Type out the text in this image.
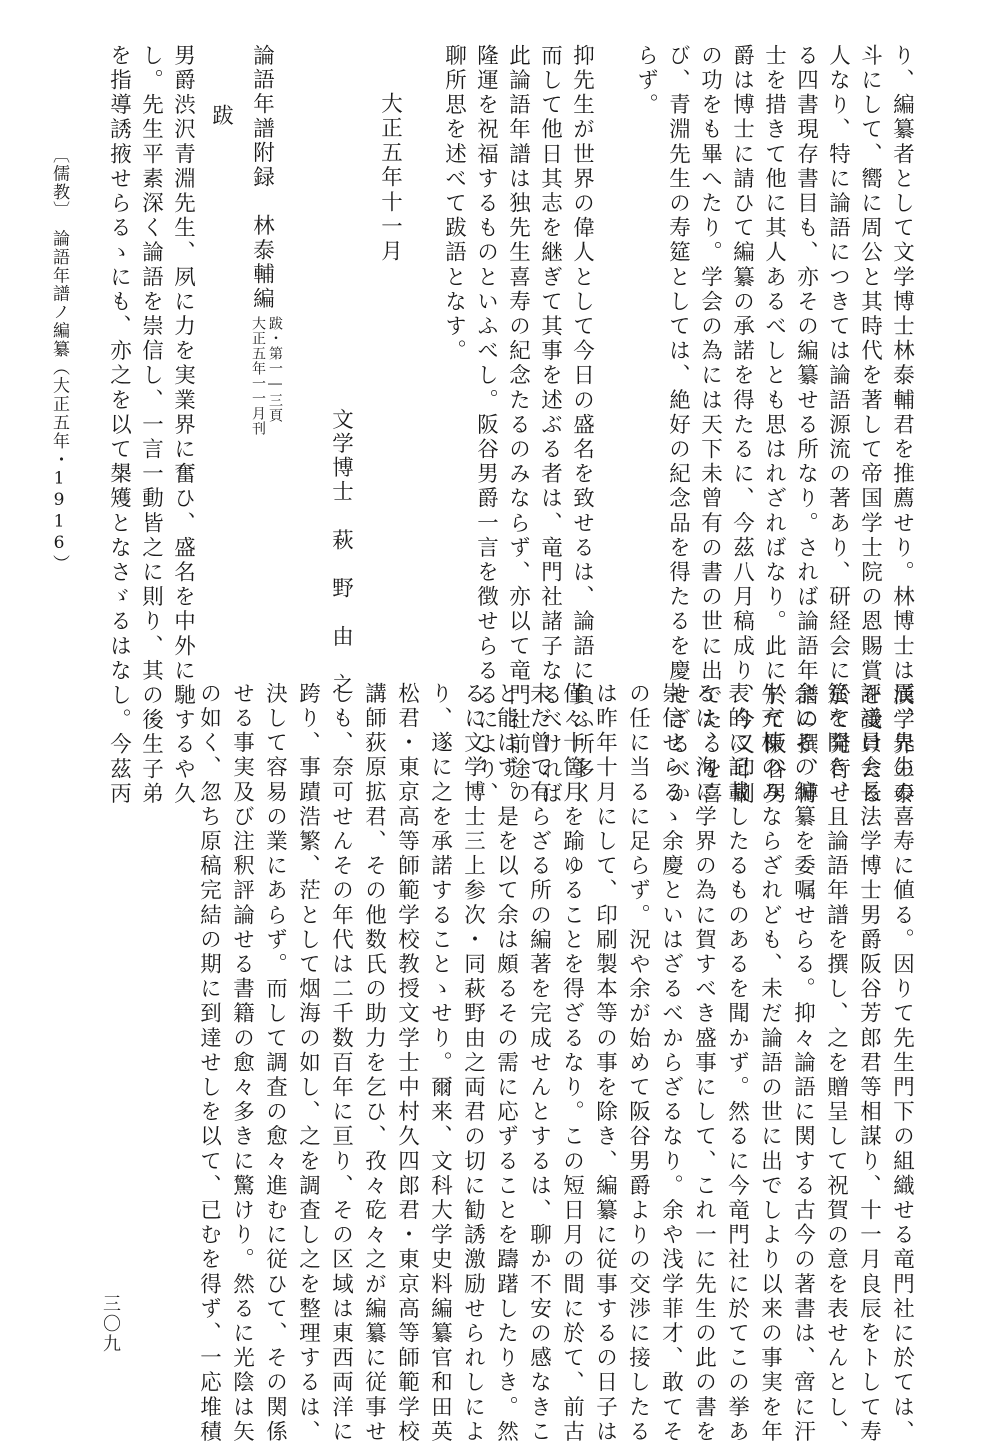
り、編纂者として文学博士林泰輔君を推薦せり。林博士は漢学界の泰
斗にして、嚮に周公と其時代を著して帝国学士院の恩賜賞を受けたる
人なり、特に論語につきては論語源流の著あり、研経会に於て発行せ
る四書現存書目も、亦その編纂せる所なり。されば論語年譜の撰、博
士を措きて他に其人あるべしとも思はれざればなり。此に於て阪谷男
爵は博士に請ひて編纂の承諾を得たるに、今茲八月稿成り、今又印刷
の功をも畢へたり。学会の為には天下未曾有の書の世に出でたるを喜
び、青淵先生の寿筵としては、絶好の紀念品を得たるを慶せざるべか
らず。
抑先生が世界の偉人として今日の盛名を致せるは、論語に負ふ所多く
而して他日其志を継ぎて其事を述ぶる者は、竜門社諸子なるべければ
此論語年譜は独先生喜寿の紀念たるのみならず、亦以て竜門社前途の
隆運を祝福するものといふべし。阪谷男爵一言を徴せらるるにより、
聊所思を述べて跋語となす。
大正五年十一月
文学博士　萩　野　由　之
論語年譜附録　林泰輔編
跋・第一―三頁
大正五年一一月刊
跋
男爵渋沢青淵先生、夙に力を実業界に奮ひ、盛名を中外に馳するや久
し。先生平素深く論語を崇信し、一言一動皆之に則り、其の後生子弟
を指導誘掖せらるゝにも、亦之を以て槼矱となさゞるはなし。今茲丙
〔儒教〕　論語年譜ノ編纂（大正五年・1916）
辰、先生の喜寿に値る。因りて先生門下の組織せる竜門社に於ては、
評議員会長法学博士男爵阪谷芳郎君等相謀り、十一月良辰をトして寿
筵を開き、且論語年譜を撰し、之を贈呈して祝賀の意を表せんとし、
余にその編纂を委嘱せらる。抑々論語に関する古今の著書は、啻に汗
牛充棟のみならざれども、未だ論語の世に出でしより以来の事実を年
表的に記載したるものあるを聞かず。然るに今竜門社に於てこの挙あ
るは、洵に学界の為に賀すべき盛事にして、これ一に先生の此の書を
崇信せらるゝ余慶といはざるべからざるなり。余や浅学菲才、敢てそ
の任に当るに足らず。況や余が始めて阪谷男爵よりの交渉に接したる
は昨年十月にして、印刷製本等の事を除き、編纂に従事するの日子は
僅々十箇月を踰ゆることを得ざるなり。この短日月の間に於て、前古
未だ曾て有らざる所の編著を完成せんとするは、聊か不安の感なきこ
と能はず。是を以て余は頗るその需に応ずることを躊躇したりき。然
るに文学博士三上参次・同萩野由之両君の切に勧誘激励せられしによ
り、遂に之を承諾することゝせり。爾来、文科大学史料編纂官和田英
松君・東京高等師範学校教授文学士中村久四郎君・東京高等師範学校
講師荻原拡君、その他数氏の助力を乞ひ、孜々矻々之が編纂に従事せ
しも、奈可せんその年代は二千数百年に亘り、その区域は東西両洋に
跨り、事蹟浩繁、茫として烟海の如し、之を調査し之を整理するは、
決して容易の業にあらず。而して調査の愈々進むに従ひて、その関係
せる事実及び注釈評論せる書籍の愈々多きに驚けり。然るに光陰は矢
の如く、忽ち原稿完結の期に到達せしを以て、已むを得ず、一応堆積
三〇九
